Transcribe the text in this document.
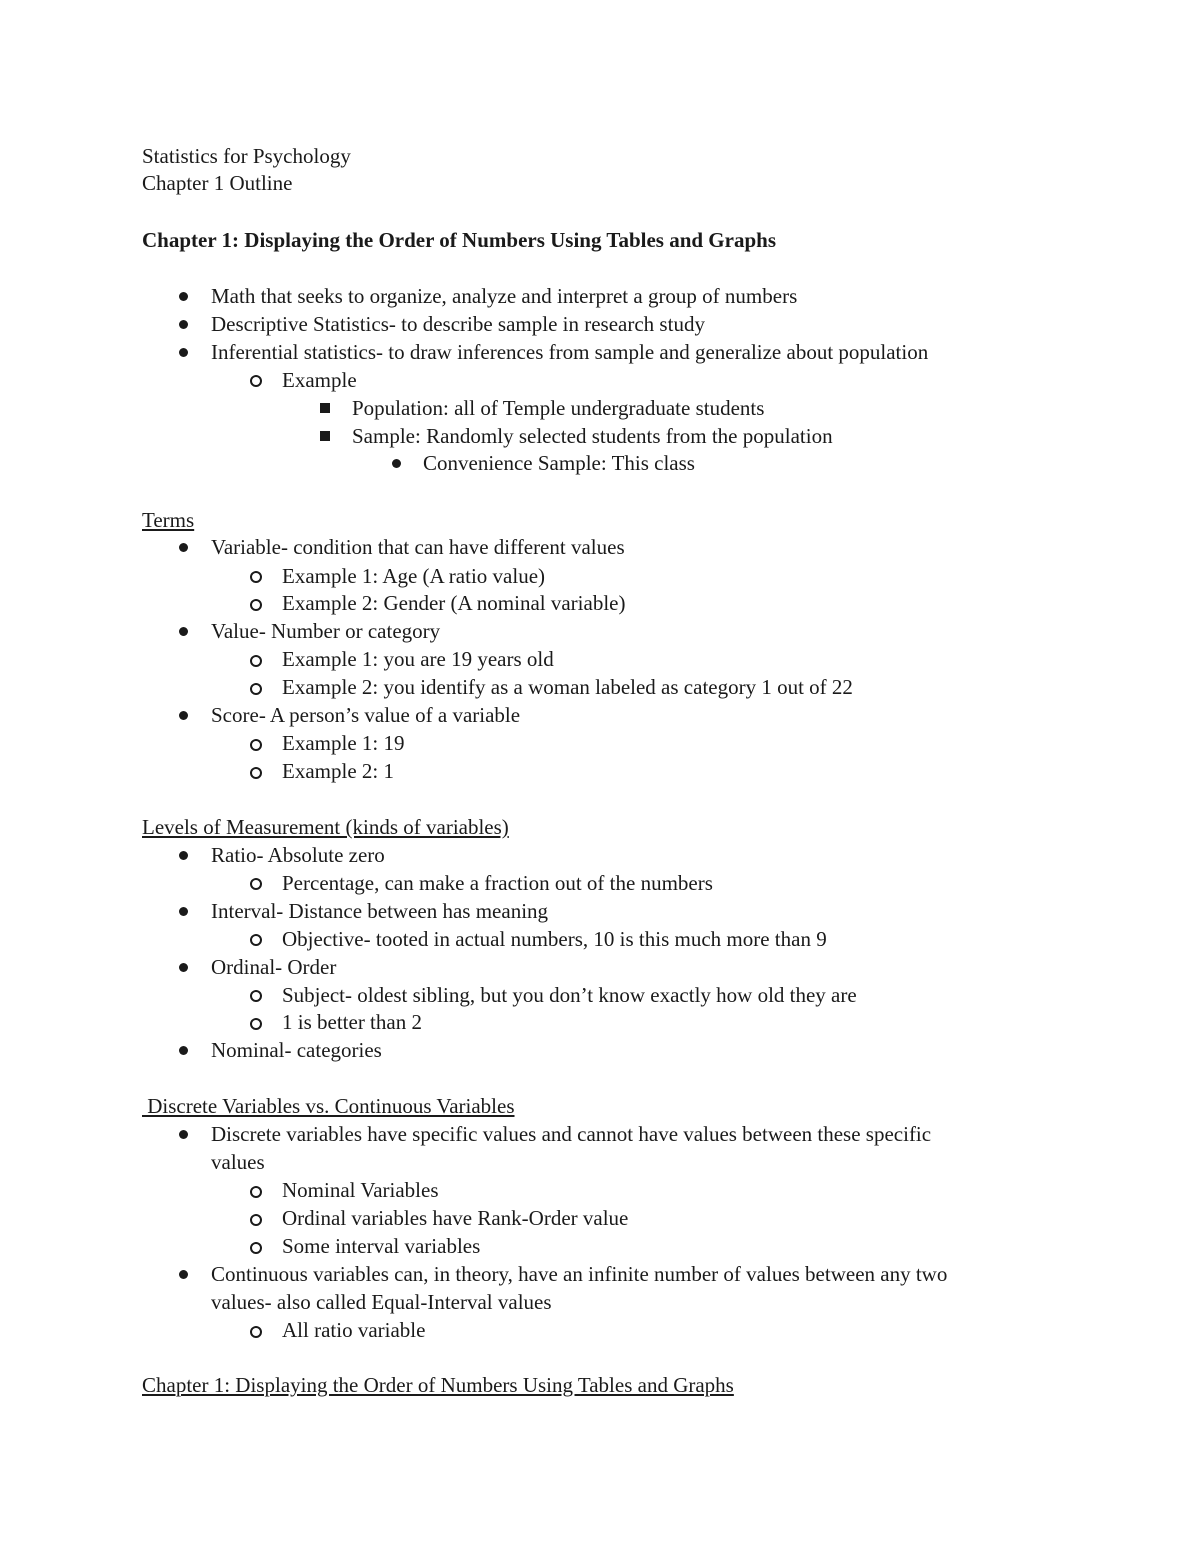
Statistics for Psychology
Chapter 1 Outline
Chapter 1: Displaying the Order of Numbers Using Tables and Graphs
Math that seeks to organize, analyze and interpret a group of numbers
Descriptive Statistics- to describe sample in research study
Inferential statistics- to draw inferences from sample and generalize about population
Example
Population: all of Temple undergraduate students
Sample: Randomly selected students from the population
Convenience Sample: This class
Terms
Variable- condition that can have different values
Example 1: Age (A ratio value)
Example 2: Gender (A nominal variable)
Value- Number or category
Example 1: you are 19 years old
Example 2: you identify as a woman labeled as category 1 out of 22
Score- A person’s value of a variable
Example 1: 19
Example 2: 1
Levels of Measurement (kinds of variables)
Ratio- Absolute zero
Percentage, can make a fraction out of the numbers
Interval- Distance between has meaning
Objective- tooted in actual numbers, 10 is this much more than 9
Ordinal- Order
Subject- oldest sibling, but you don’t know exactly how old they are
1 is better than 2
Nominal- categories
Discrete Variables vs. Continuous Variables
Discrete variables have specific values and cannot have values between these specific
values
Nominal Variables
Ordinal variables have Rank-Order value
Some interval variables
Continuous variables can, in theory, have an infinite number of values between any two
values- also called Equal-Interval values
All ratio variable
Chapter 1: Displaying the Order of Numbers Using Tables and Graphs
